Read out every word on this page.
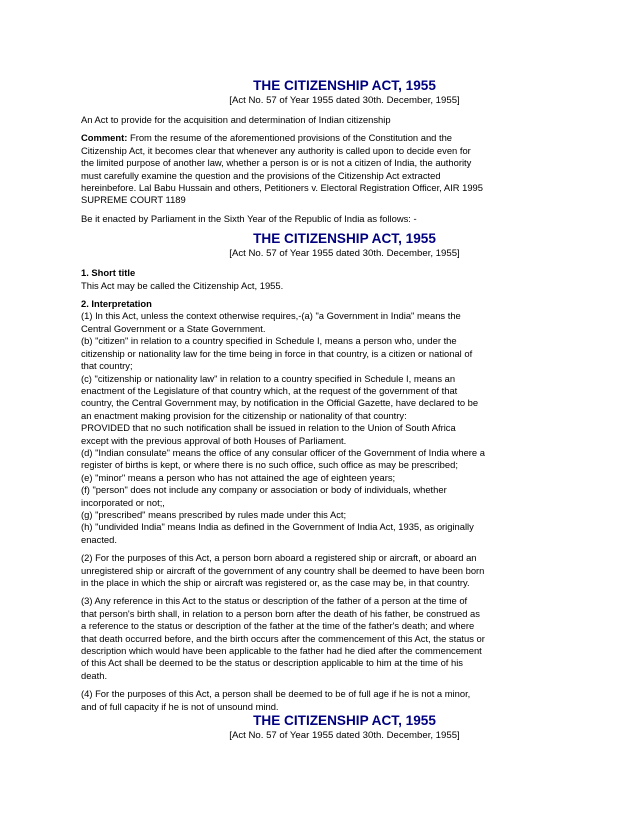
THE CITIZENSHIP ACT, 1955

[Act No. 57 of Year 1955 dated 30th. December, 1955]

An Act to provide for the acquisition and determination of Indian citizenship

Comment: From the resume of the aforementioned provisions of the Constitution and the
Citizenship Act, it becomes clear that whenever any authority is called upon to decide even for
the limited purpose of another law, whether a person is or is not a citizen of India, the authority
must carefully examine the question and the provisions of the Citizenship Act extracted
hereinbefore. Lal Babu Hussain and others, Petitioners v. Electoral Registration Officer, AIR 1995
SUPREME COURT 1189

Be it enacted by Parliament in the Sixth Year of the Republic of India as follows: -

THE CITIZENSHIP ACT, 1955

[Act No. 57 of Year 1955 dated 30th. December, 1955]

1. Short title
This Act may be called the Citizenship Act, 1955.

2. Interpretation
(1) In this Act, unless the context otherwise requires,-(a) "a Government in India" means the
Central Government or a State Government.
(b) "citizen" in relation to a country specified in Schedule I, means a person who, under the
citizenship or nationality law for the time being in force in that country, is a citizen or national of
that country;
(c) "citizenship or nationality law" in relation to a country specified in Schedule I, means an
enactment of the Legislature of that country which, at the request of the government of that
country, the Central Government may, by notification in the Official Gazette, have declared to be
an enactment making provision for the citizenship or nationality of that country:
PROVIDED that no such notification shall be issued in relation to the Union of South Africa
except with the previous approval of both Houses of Parliament.
(d) "Indian consulate" means the office of any consular officer of the Government of India where a
register of births is kept, or where there is no such office, such office as may be prescribed;
(e) "minor" means a person who has not attained the age of eighteen years;
(f) "person" does not include any company or association or body of individuals, whether
incorporated or not;,
(g) "prescribed" means prescribed by rules made under this Act;
(h) "undivided India" means India as defined in the Government of India Act, 1935, as originally
enacted.

(2) For the purposes of this Act, a person born aboard a registered ship or aircraft, or aboard an
unregistered ship or aircraft of the government of any country shall be deemed to have been born
in the place in which the ship or aircraft was registered or, as the case may be, in that country.

(3) Any reference in this Act to the status or description of the father of a person at the time of
that person's birth shall, in relation to a person born after the death of his father, be construed as
a reference to the status or description of the father at the time of the father's death; and where
that death occurred before, and the birth occurs after the commencement of this Act, the status or
description which would have been applicable to the father had he died after the commencement
of this Act shall be deemed to be the status or description applicable to him at the time of his
death.

(4) For the purposes of this Act, a person shall be deemed to be of full age if he is not a minor,
and of full capacity if he is not of unsound mind.

THE CITIZENSHIP ACT, 1955

[Act No. 57 of Year 1955 dated 30th. December, 1955]
